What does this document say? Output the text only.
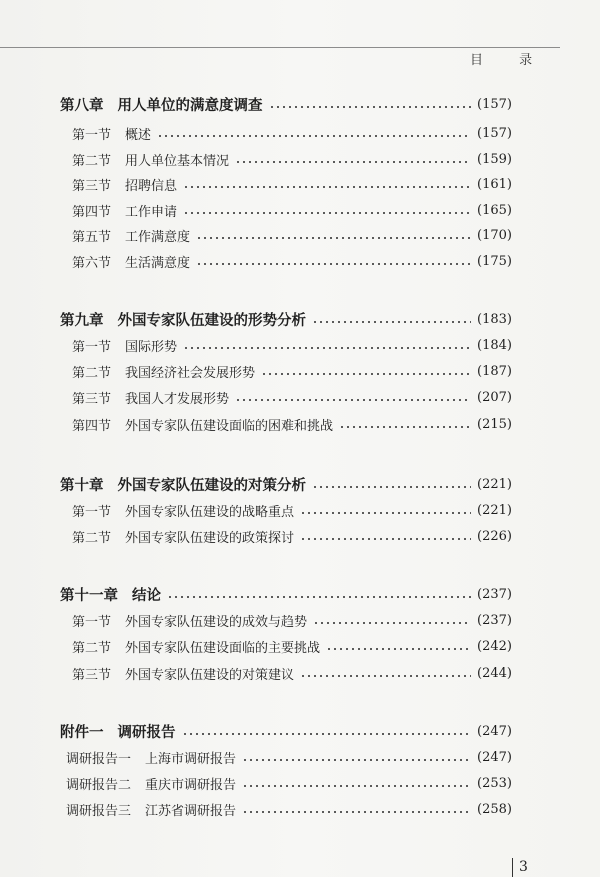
目 录
第八章 用人单位的满意度调查	(157)
第一节 概述	(157)
第二节 用人单位基本情况	(159)
第三节 招聘信息	(161)
第四节 工作申请	(165)
第五节 工作满意度	(170)
第六节 生活满意度	(175)
第九章 外国专家队伍建设的形势分析	(183)
第一节 国际形势	(184)
第二节 我国经济社会发展形势	(187)
第三节 我国人才发展形势	(207)
第四节 外国专家队伍建设面临的困难和挑战	(215)
第十章 外国专家队伍建设的对策分析	(221)
第一节 外国专家队伍建设的战略重点	(221)
第二节 外国专家队伍建设的政策探讨	(226)
第十一章 结论	(237)
第一节 外国专家队伍建设的成效与趋势	(237)
第二节 外国专家队伍建设面临的主要挑战	(242)
第三节 外国专家队伍建设的对策建议	(244)
附件一 调研报告	(247)
调研报告一 上海市调研报告	(247)
调研报告二 重庆市调研报告	(253)
调研报告三 江苏省调研报告	(258)
3
